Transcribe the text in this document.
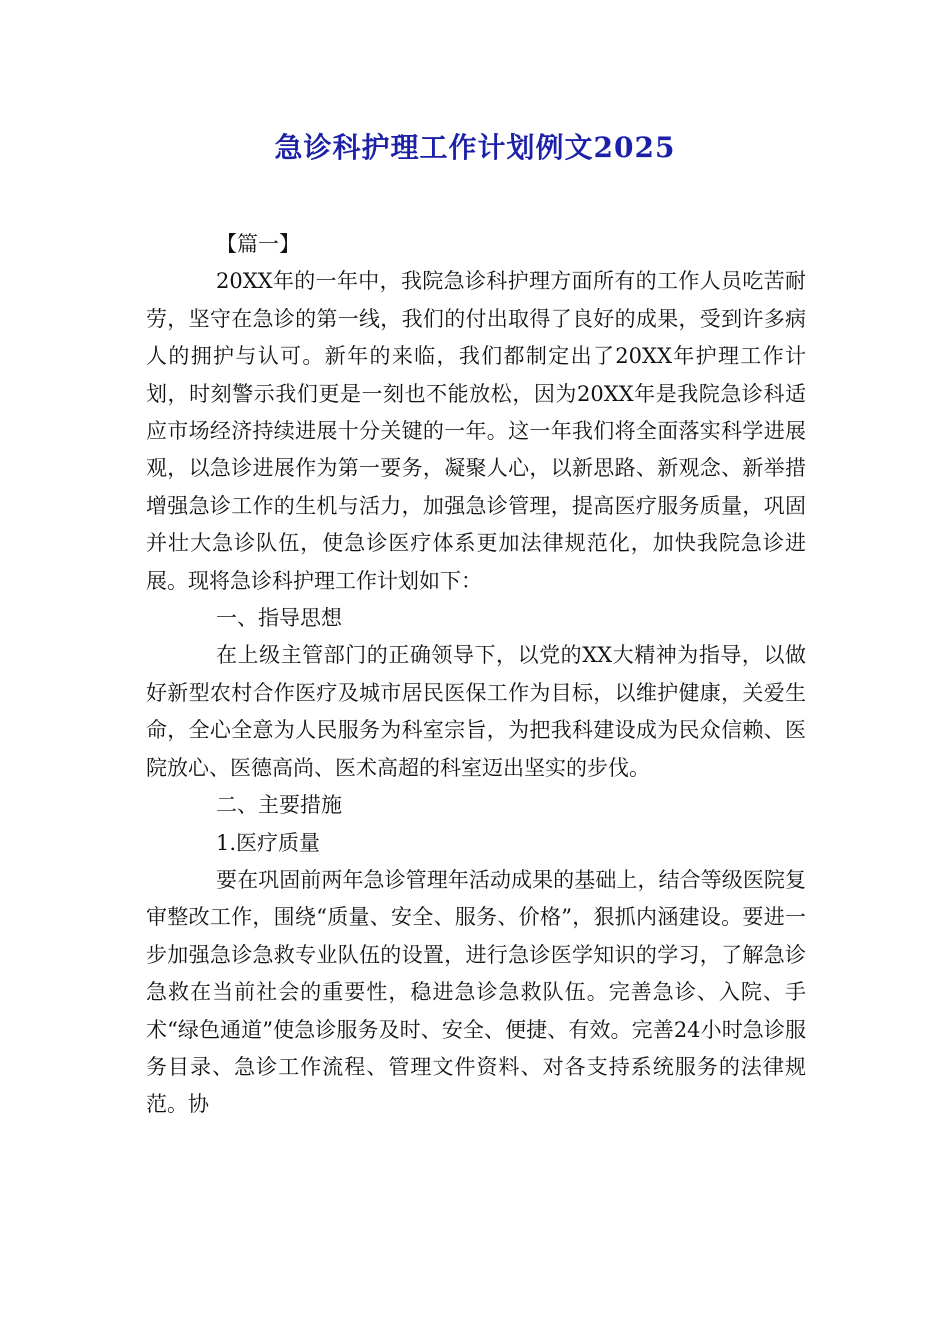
急诊科护理工作计划例文2025

【篇一】

20XX年的一年中，我院急诊科护理方面所有的工作人员吃苦耐劳，坚守在急诊的第一线，我们的付出取得了良好的成果，受到许多病人的拥护与认可。新年的来临，我们都制定出了20XX年护理工作计划，时刻警示我们更是一刻也不能放松，因为20XX年是我院急诊科适应市场经济持续进展十分关键的一年。这一年我们将全面落实科学进展观，以急诊进展作为第一要务，凝聚人心，以新思路、新观念、新举措增强急诊工作的生机与活力，加强急诊管理，提高医疗服务质量，巩固并壮大急诊队伍，使急诊医疗体系更加法律规范化，加快我院急诊进展。现将急诊科护理工作计划如下：

一、指导思想

在上级主管部门的正确领导下，以党的XX大精神为指导，以做好新型农村合作医疗及城市居民医保工作为目标，以维护健康，关爱生命，全心全意为人民服务为科室宗旨，为把我科建设成为民众信赖、医院放心、医德高尚、医术高超的科室迈出坚实的步伐。

二、主要措施

1.医疗质量

要在巩固前两年急诊管理年活动成果的基础上，结合等级医院复审整改工作，围绕“质量、安全、服务、价格”，狠抓内涵建设。要进一步加强急诊急救专业队伍的设置，进行急诊医学知识的学习，了解急诊急救在当前社会的重要性，稳进急诊急救队伍。完善急诊、入院、手术“绿色通道”使急诊服务及时、安全、便捷、有效。完善24小时急诊服务目录、急诊工作流程、管理文件资料、对各支持系统服务的法律规范。协
